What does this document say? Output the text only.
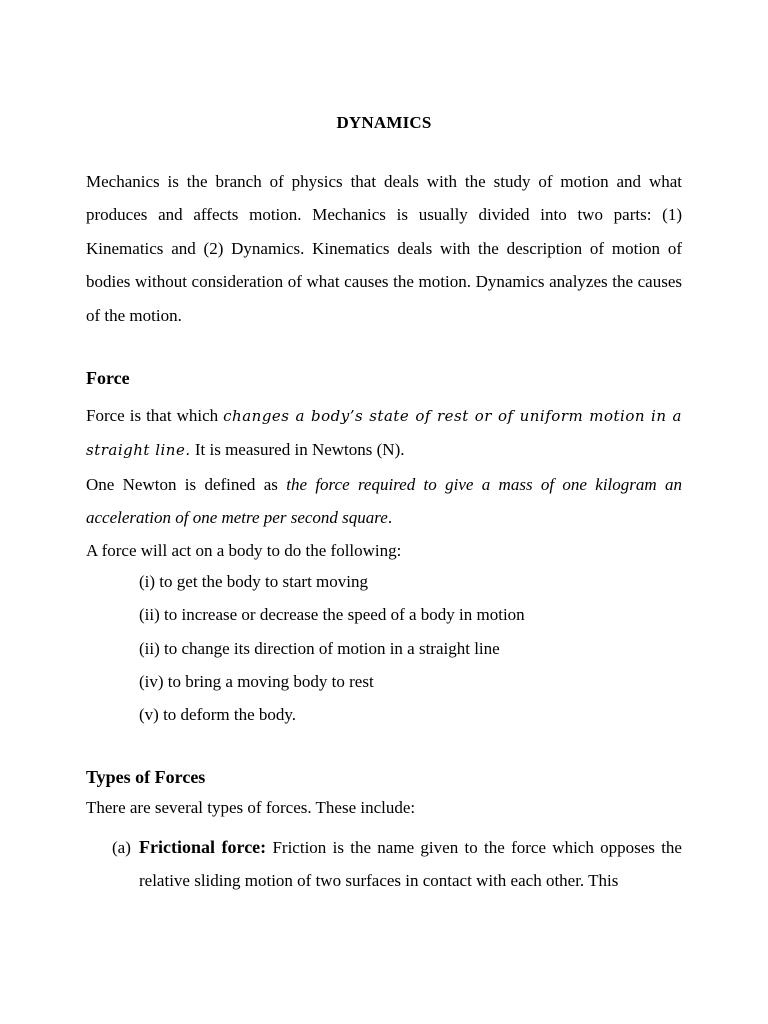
DYNAMICS
Mechanics is the branch of physics that deals with the study of motion and what produces and affects motion. Mechanics is usually divided into two parts: (1) Kinematics and (2) Dynamics. Kinematics deals with the description of motion of bodies without consideration of what causes the motion. Dynamics analyzes the causes of the motion.
Force

Force is that which changes a body’s state of rest or of uniform motion in a straight line. It is measured in Newtons (N).

One Newton is defined as the force required to give a mass of one kilogram an acceleration of one metre per second square.

A force will act on a body to do the following:

(i) to get the body to start moving
(ii) to increase or decrease the speed of a body in motion
(ii) to change its direction of motion in a straight line
(iv) to bring a moving body to rest
(v) to deform the body.
Types of Forces
There are several types of forces. These include:
(a) Frictional force: Friction is the name given to the force which opposes the relative sliding motion of two surfaces in contact with each other. This
